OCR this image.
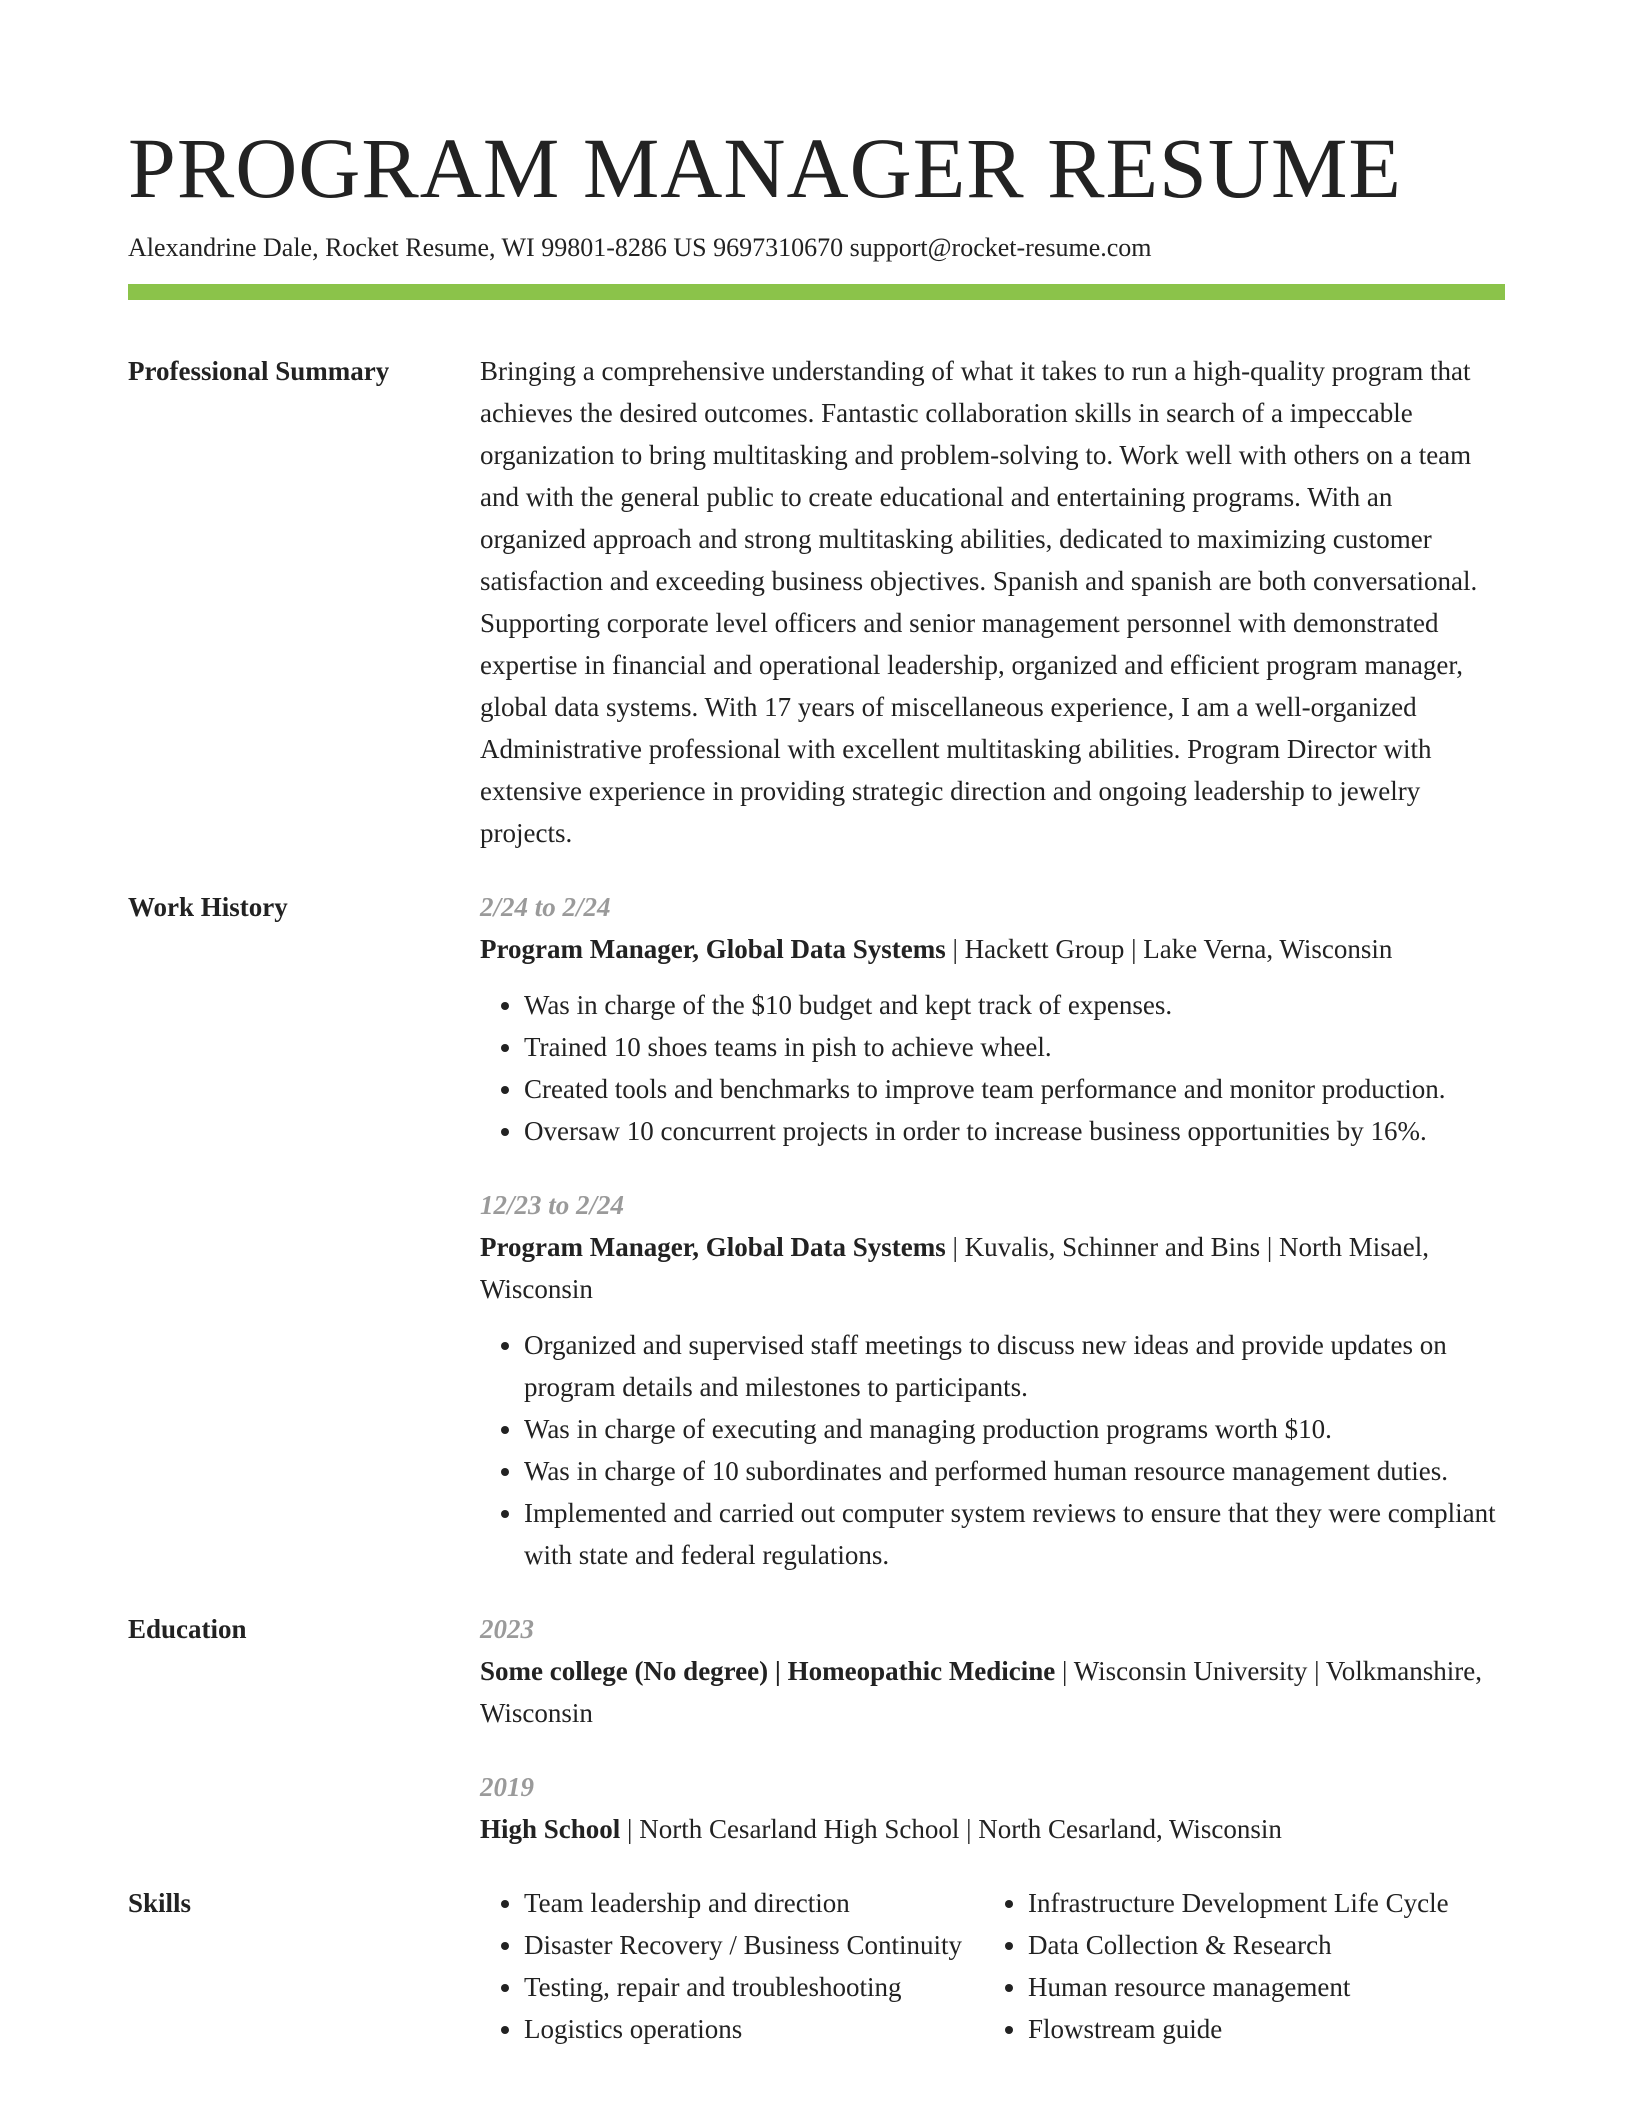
PROGRAM MANAGER RESUME
Alexandrine Dale, Rocket Resume, WI 99801-8286 US 9697310670 support@rocket-resume.com
Professional Summary	Bringing a comprehensive understanding of what it takes to run a high-quality program that achieves the desired outcomes. Fantastic collaboration skills in search of a impeccable organization to bring multitasking and problem-solving to. Work well with others on a team and with the general public to create educational and entertaining programs. With an organized approach and strong multitasking abilities, dedicated to maximizing customer satisfaction and exceeding business objectives. Spanish and spanish are both conversational. Supporting corporate level officers and senior management personnel with demonstrated expertise in financial and operational leadership, organized and efficient program manager, global data systems. With 17 years of miscellaneous experience, I am a well-organized Administrative professional with excellent multitasking abilities. Program Director with extensive experience in providing strategic direction and ongoing leadership to jewelry projects.
Work History	2/24 to 2/24
Program Manager, Global Data Systems | Hackett Group | Lake Verna, Wisconsin
• Was in charge of the $10 budget and kept track of expenses.
• Trained 10 shoes teams in pish to achieve wheel.
• Created tools and benchmarks to improve team performance and monitor production.
• Oversaw 10 concurrent projects in order to increase business opportunities by 16%.
12/23 to 2/24
Program Manager, Global Data Systems | Kuvalis, Schinner and Bins | North Misael, Wisconsin
• Organized and supervised staff meetings to discuss new ideas and provide updates on program details and milestones to participants.
• Was in charge of executing and managing production programs worth $10.
• Was in charge of 10 subordinates and performed human resource management duties.
• Implemented and carried out computer system reviews to ensure that they were compliant with state and federal regulations.
Education	2023
Some college (No degree) | Homeopathic Medicine | Wisconsin University | Volkmanshire, Wisconsin
2019
High School | North Cesarland High School | North Cesarland, Wisconsin
Skills
•	Team leadership and direction
• Disaster Recovery / Business Continuity
• Testing, repair and troubleshooting
• Logistics operations
• Infrastructure Development Life Cycle
• Data Collection & Research
• Human resource management
• Flowstream guide
